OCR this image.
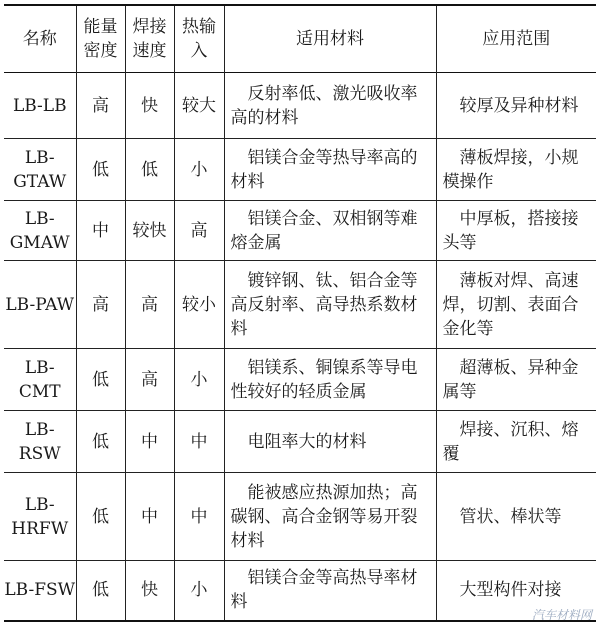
名称	能量密度	焊接速度	热输入	适用材料	应用范围
LB-LB	高	快	较大	反射率低、激光吸收率高的材料	较厚及异种材料
LB-GTAW	低	低	小	铝镁合金等热导率高的材料	薄板焊接，小规模操作
LB-GMAW	中	较快	高	铝镁合金、双相钢等难熔金属	中厚板，搭接接头等
LB-PAW	高	高	较小	镀锌钢、钛、铝合金等高反射率、高导热系数材料	薄板对焊、高速焊，切割、表面合金化等
LB-CMT	低	高	小	铝镁系、铜镍系等导电性较好的轻质金属	超薄板、异种金属等
LB-RSW	低	中	中	电阻率大的材料	焊接、沉积、熔覆
LB-HRFW	低	中	中	能被感应热源加热；高碳钢、高合金钢等易开裂材料	管状、棒状等
LB-FSW	低	快	小	铝镁合金等高热导率材料	大型构件对接
汽车材料网
